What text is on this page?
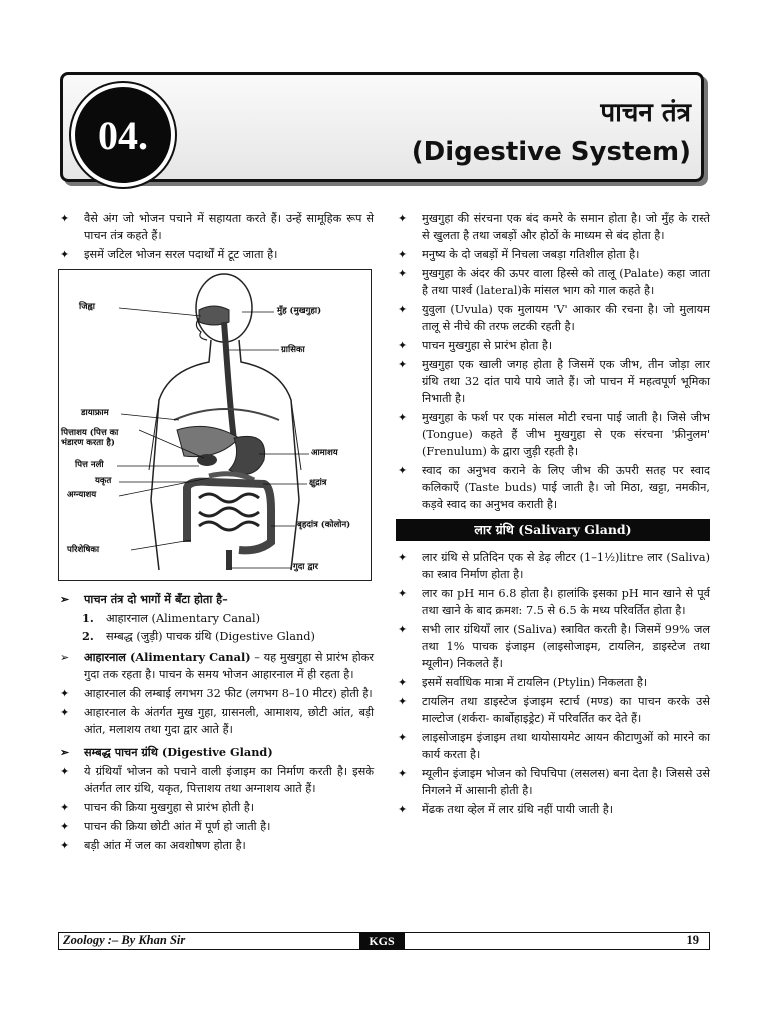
04.	पाचन तंत्र
(Digestive System)
✦ वैसे अंग जो भोजन पचाने में सहायता करते हैं। उन्हें सामूहिक रूप से पाचन तंत्र कहते हैं।
✦ इसमें जटिल भोजन सरल पदार्थों में टूट जाता है।
जिह्वा	मुँह (मुखगुहा)
ग्रासिका
डायाफ्राम
पित्ताशय (पित्त का भंडारण करता है)
पित्त नली
यकृत
अग्न्याशय
परिशेषिका
आमाशय
क्षुद्रांत्र
बृहदांत्र (कोलोन)
गुदा द्वार
➢ पाचन तंत्र दो भागों में बँटा होता है–
1. आहारनाल (Alimentary Canal)
2. सम्बद्ध (जुड़ी) पाचक ग्रंथि (Digestive Gland)
➢ आहारनाल (Alimentary Canal) – यह मुखगुहा से प्रारंभ होकर गुदा तक रहता है। पाचन के समय भोजन आहारनाल में ही रहता है।
✦ आहारनाल की लम्बाई लगभग 32 फीट (लगभग 8–10 मीटर) होती है।
✦ आहारनाल के अंतर्गत मुख गुहा, ग्रासनली, आमाशय, छोटी आंत, बड़ी आंत, मलाशय तथा गुदा द्वार आते हैं।
➢ सम्बद्ध पाचन ग्रंथि (Digestive Gland)
✦ ये ग्रंथियाँ भोजन को पचाने वाली इंजाइम का निर्माण करती है। इसके अंतर्गत लार ग्रंथि, यकृत, पित्ताशय तथा अग्नाशय आते हैं।
✦ पाचन की क्रिया मुखगुहा से प्रारंभ होती है।
✦ पाचन की क्रिया छोटी आंत में पूर्ण हो जाती है।
✦ बड़ी आंत में जल का अवशोषण होता है।
✦ मुखगुहा की संरचना एक बंद कमरे के समान होता है। जो मुँह के रास्ते से खुलता है तथा जबड़ों और होठों के माध्यम से बंद होता है।
✦ मनुष्य के दो जबड़ों में निचला जबड़ा गतिशील होता है।
✦ मुखगुहा के अंदर की ऊपर वाला हिस्से को तालू (Palate) कहा जाता है तथा पार्श्व (lateral)के मांसल भाग को गाल कहते है।
✦ युवुला (Uvula) एक मुलायम 'V' आकार की रचना है। जो मुलायम तालू से नीचे की तरफ लटकी रहती है।
✦ पाचन मुखगुहा से प्रारंभ होता है।
✦ मुखगुहा एक खाली जगह होता है जिसमें एक जीभ, तीन जोड़ा लार ग्रंथि तथा 32 दांत पाये पाये जाते हैं। जो पाचन में महत्वपूर्ण भूमिका निभाती है।
✦ मुखगुहा के फर्श पर एक मांसल मोटी रचना पाई जाती है। जिसे जीभ (Tongue) कहते हैं जीभ मुखगुहा से एक संरचना 'फ्रीनुलम' (Frenulum) के द्वारा जुड़ी रहती है।
✦ स्वाद का अनुभव कराने के लिए जीभ की ऊपरी सतह पर स्वाद कलिकाएँ (Taste buds) पाई जाती है। जो मिठा, खट्टा, नमकीन, कड़वे स्वाद का अनुभव कराती है।
लार ग्रंथि (Salivary Gland)
✦ लार ग्रंथि से प्रतिदिन एक से डेढ़ लीटर (1–1½)litre लार (Saliva) का स्त्राव निर्माण होता है।
✦ लार का pH मान 6.8 होता है। हालांकि इसका pH मान खाने से पूर्व तथा खाने के बाद क्रमश: 7.5 से 6.5 के मध्य परिवर्तित होता है।
✦ सभी लार ग्रंथियाँ लार (Saliva) स्त्रावित करती है। जिसमें 99% जल तथा 1% पाचक इंजाइम (लाइसोजाइम, टायलिन, डाइस्टेज तथा म्यूलीन) निकलते हैं।
✦ इसमें सर्वाधिक मात्रा में टायलिन (Ptylin) निकलता है।
✦ टायलिन तथा डाइस्टेज इंजाइम स्टार्च (मण्ड) का पाचन करके उसे माल्टोज (शर्करा- कार्बोहाइड्रेट) में परिवर्तित कर देते हैं।
✦ लाइसोजाइम इंजाइम तथा थायोसायमेट आयन कीटाणुओं को मारने का कार्य करता है।
✦ म्यूलीन इंजाइम भोजन को चिपचिपा (लसलस) बना देता है। जिससे उसे निगलने में आसानी होती है।
✦ मेंढक तथा व्हेल में लार ग्रंथि नहीं पायी जाती है।
Zoology :– By Khan Sir	KGS	19
